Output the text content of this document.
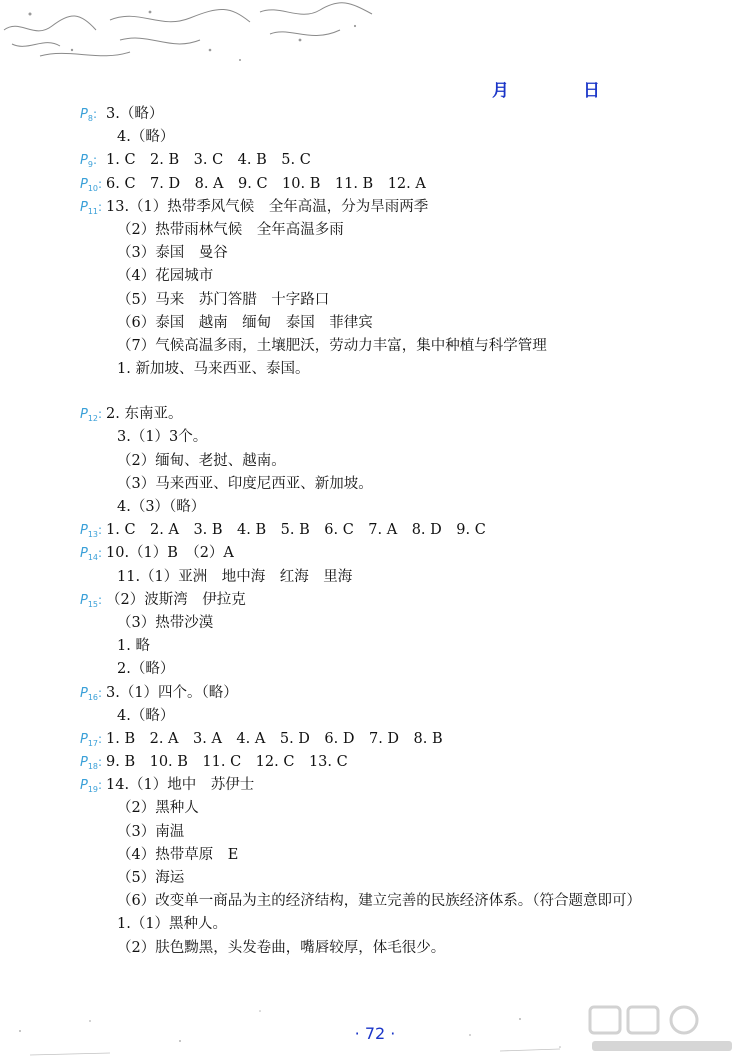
月	日
$P_8$: 3.（略）
4.（略）
$P_9$: 1. C　2. B　3. C　4. B　5. C
$P_{10}$: 6. C　7. D　8. A　9. C　10. B　11. B　12. A
$P_{11}$: 13.（1）热带季风气候　全年高温，分为旱雨两季
（2）热带雨林气候　全年高温多雨
（3）泰国　曼谷
（4）花园城市
（5）马来　苏门答腊　十字路口
（6）泰国　越南　缅甸　泰国　菲律宾
（7）气候高温多雨，土壤肥沃，劳动力丰富，集中种植与科学管理
1. 新加坡、马来西亚、泰国。
$P_{12}$: 2. 东南亚。
3.（1）3个。
（2）缅甸、老挝、越南。
（3）马来西亚、印度尼西亚、新加坡。
4.（3）（略）
$P_{13}$: 1. C　2. A　3. B　4. B　5. B　6. C　7. A　8. D　9. C
$P_{14}$: 10.（1）B　（2）A
11.（1）亚洲　地中海　红海　里海
$P_{15}$: （2）波斯湾　伊拉克
（3）热带沙漠
1. 略
2.（略）
$P_{16}$: 3.（1）四个。（略）
4.（略）
$P_{17}$: 1. B　2. A　3. A　4. A　5. D　6. D　7. D　8. B
$P_{18}$: 9. B　10. B　11. C　12. C　13. C
$P_{19}$: 14.（1）地中　苏伊士
（2）黑种人
（3）南温
（4）热带草原　E
（5）海运
（6）改变单一商品为主的经济结构，建立完善的民族经济体系。（符合题意即可）
1.（1）黑种人。
（2）肤色黝黑，头发卷曲，嘴唇较厚，体毛很少。
· 72 ·
